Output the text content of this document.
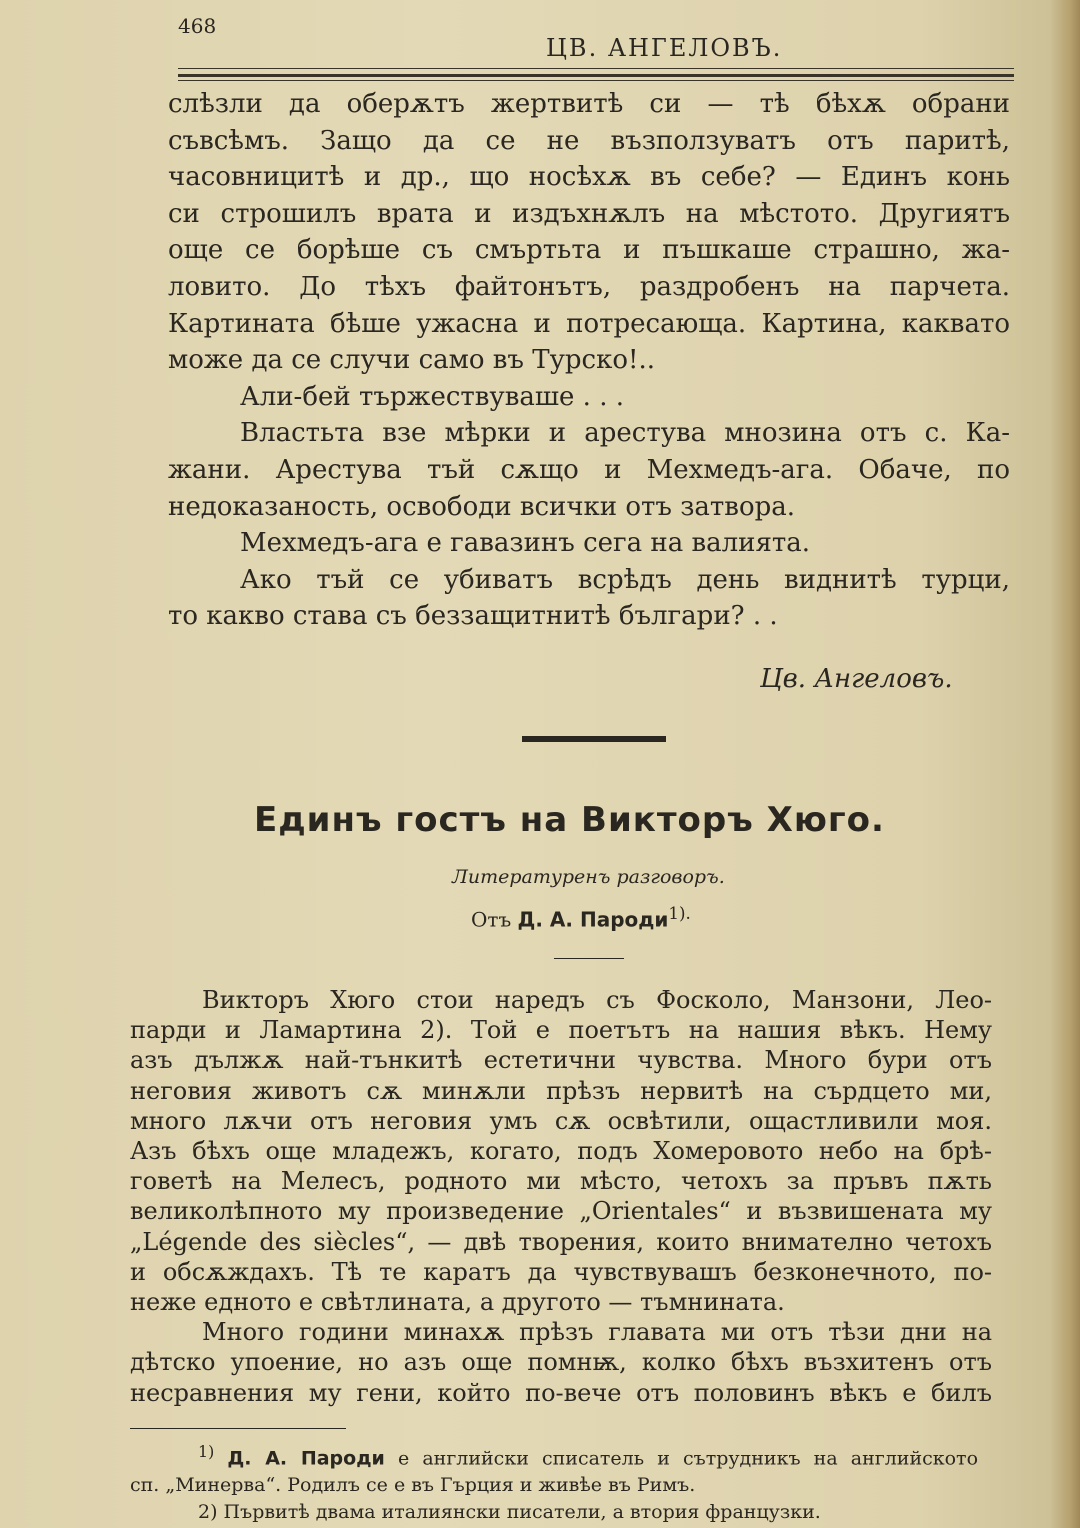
468
ЦВ. АНГЕЛОВЪ.
слѣзли да оберѫтъ жертвитѣ си — тѣ бѣхѫ обрани
съвсѣмъ. Защо да се не възползуватъ отъ паритѣ,
часовницитѣ и др., що носѣхѫ въ себе? — Единъ конь
си строшилъ врата и издъхнѫлъ на мѣстото. Другиятъ
още се борѣше съ смъртьта и пъшкаше страшно, жа-
ловито. До тѣхъ файтонътъ, раздробенъ на парчета.
Картината бѣше ужасна и потресающа. Картина, каквато
може да се случи само въ Турско!..
Али-бей тържествуваше . . .
Властьта взе мѣрки и арестува мнозина отъ с. Ка-
жани. Арестува тъй сѫщо и Мехмедъ-ага. Обаче, по
недоказаность, освободи всички отъ затвора.
Мехмедъ-ага е гавазинъ сега на валията.
Ако тъй се убиватъ всрѣдъ день виднитѣ турци,
то какво става съ беззащитнитѣ българи? . .
Цв. Ангеловъ.
Единъ гостъ на Викторъ Хюго.
Литературенъ разговоръ.
Отъ Д. А. Пароди$^{1).}$
Викторъ Хюго стои наредъ съ Фосколо, Манзони, Лео-
парди и Ламартина 2). Той е поетътъ на нашия вѣкъ. Нему
азъ дължѫ най-тънкитѣ естетични чувства. Много бури отъ
неговия животъ сѫ минѫли прѣзъ нервитѣ на сърдцето ми,
много лѫчи отъ неговия умъ сѫ освѣтили, ощастливили моя.
Азъ бѣхъ още младежъ, когато, подъ Хомеровото небо на брѣ-
говетѣ на Мелесъ, родното ми мѣсто, четохъ за пръвъ пѫть
великолѣпното му произведение „Orientales“ и възвишената му
„Légende des siècles“, — двѣ творения, които внимателно четохъ
и обсѫждахъ. Тѣ те каратъ да чувствувашъ безконечното, по-
неже едното е свѣтлината, а другото — тъмнината.
Много години минахѫ прѣзъ главата ми отъ тѣзи дни на
дѣтско упоение, но азъ още помнѭ, колко бѣхъ възхитенъ отъ
несравнения му гени, който по-вече отъ половинъ вѣкъ е билъ
$^{1)}$ Д. А. Пароди е английски списатель и сътрудникъ на английското
сп. „Минерва“. Родилъ се е въ Гърция и живѣе въ Римъ.
2) Първитѣ двама италиянски писатели, а втория французки.
